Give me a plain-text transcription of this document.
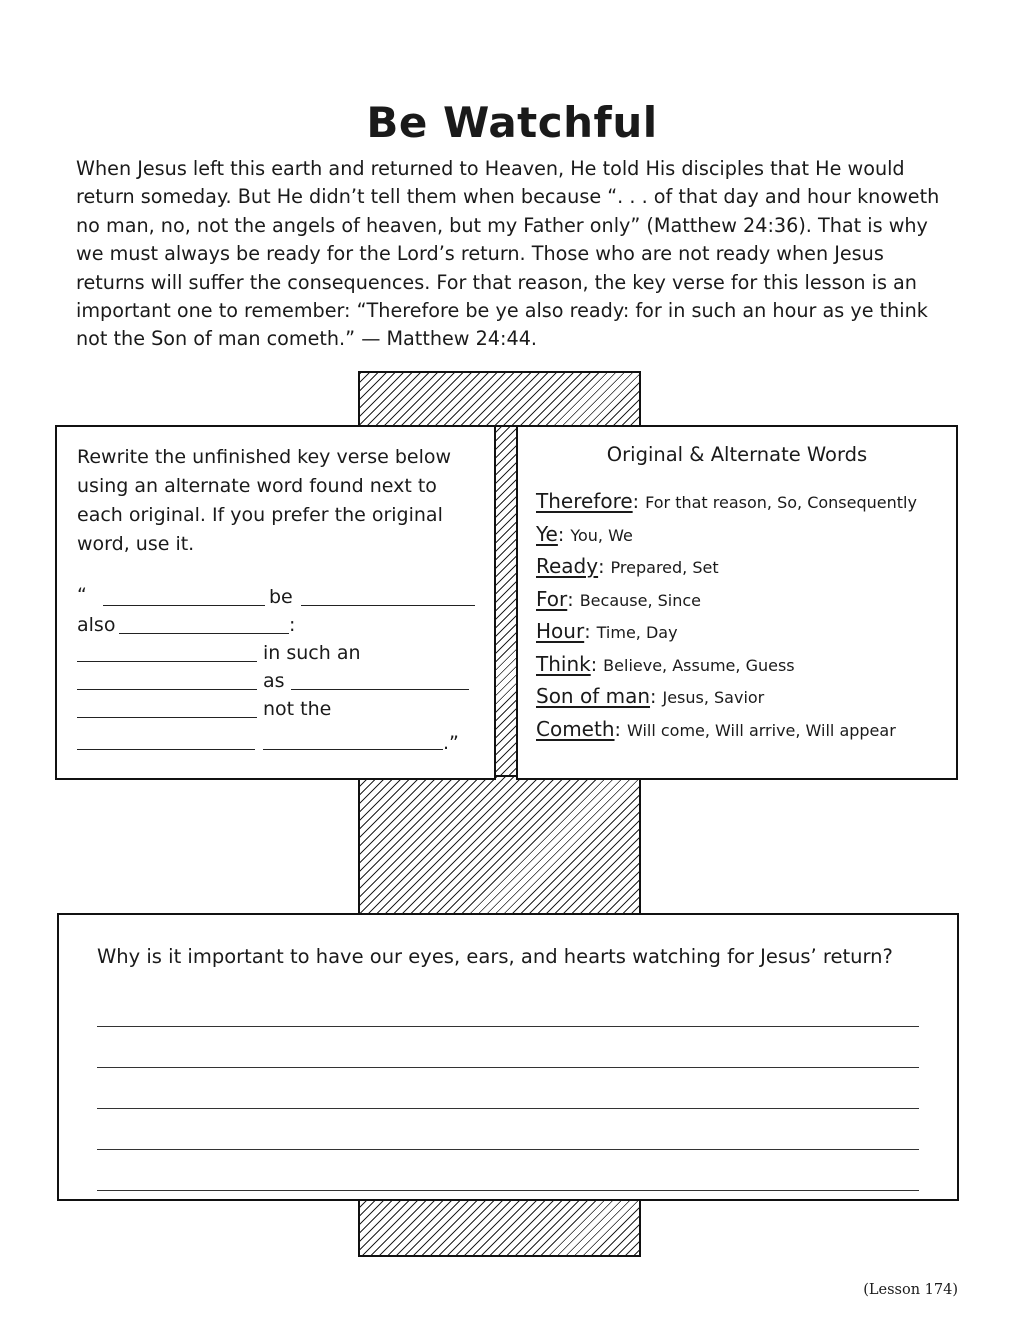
Be Watchful

When Jesus left this earth and returned to Heaven, He told His disciples that He would return someday. But He didn’t tell them when because “. . . of that day and hour knoweth no man, no, not the angels of heaven, but my Father only” (Matthew 24:36). That is why we must always be ready for the Lord’s return. Those who are not ready when Jesus returns will suffer the consequences. For that reason, the key verse for this lesson is an important one to remember: “Therefore be ye also ready: for in such an hour as ye think not the Son of man cometh.” — Matthew 24:44.

Rewrite the unfinished key verse below using an alternate word found next to each original. If you prefer the original word, use it.

“	be
also	:
in such an
as
not the
.”
Original & Alternate Words
Therefore: For that reason, So, Consequently
Ye: You, We
Ready: Prepared, Set
For: Because, Since
Hour: Time, Day
Think: Believe, Assume, Guess
Son of man: Jesus, Savior
Cometh: Will come, Will arrive, Will appear

Why is it important to have our eyes, ears, and hearts watching for Jesus’ return?

(Lesson 174)
